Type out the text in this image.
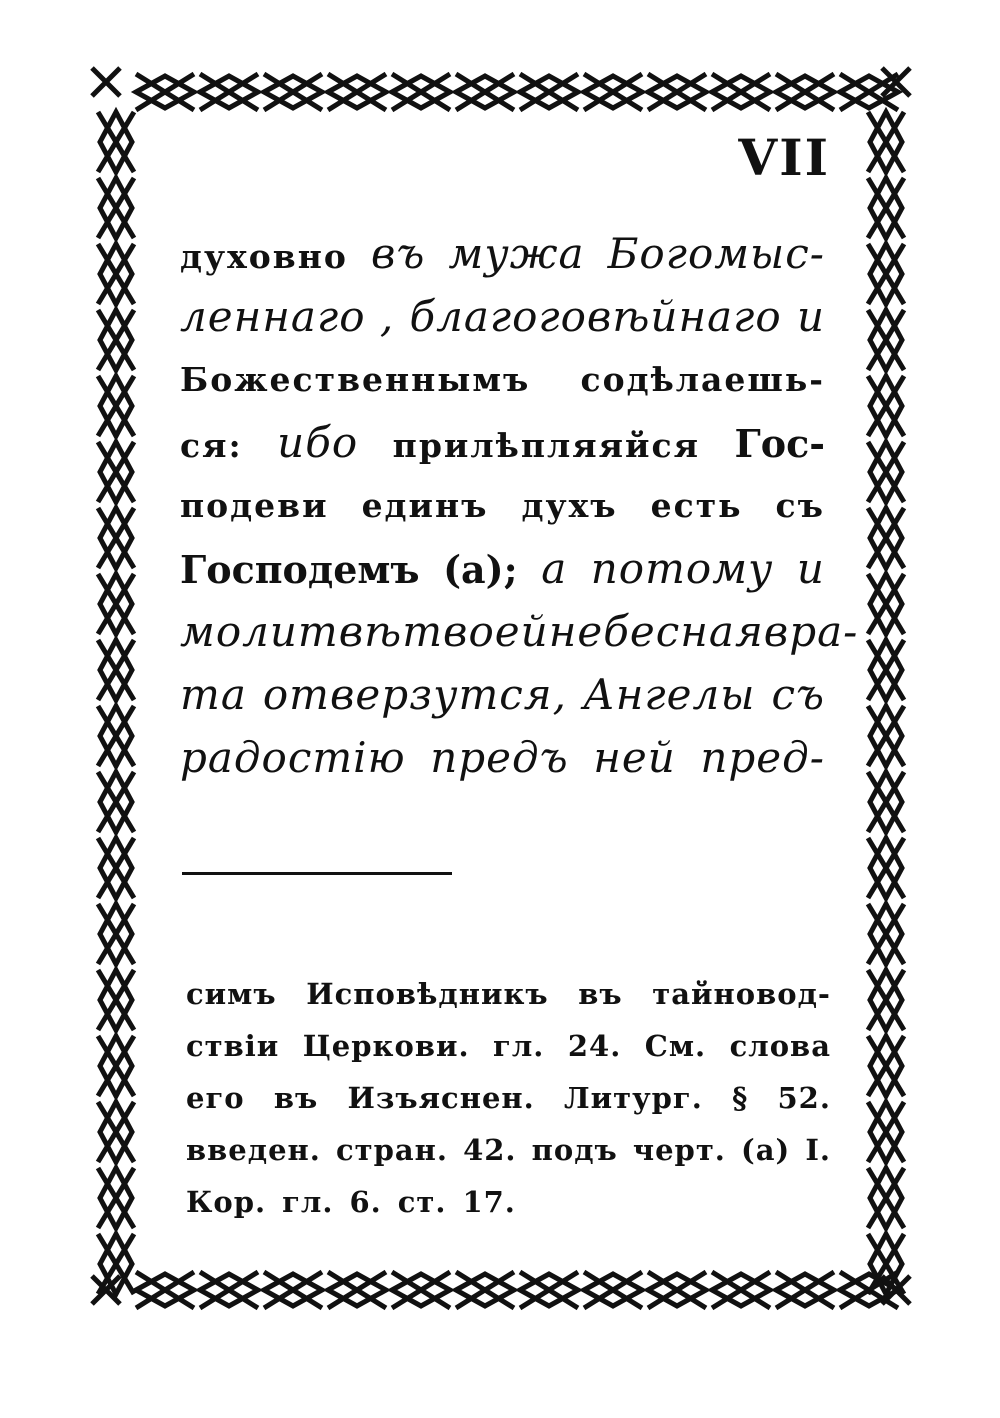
VII
духовно въ мужа Богомыс-
леннаго , благоговѣйнаго и
Божественнымъ содѣлаешь-
ся: ибо прилѣпляяйся Гос-
подеви единъ духъ есть съ
Господемъ (а); а потому и
молитвѣ твоей небесная вра-
та отверзутся, Ангелы съ
радостію предъ ней пред-
симъ Исповѣдникъ въ тайновод-
ствіи Церкови. гл. 24. См. слова
его въ Изъяснен. Литург. § 52.
введен. стран. 42. подъ черт. (а) I.
Кор. гл. 6. ст. 17.
